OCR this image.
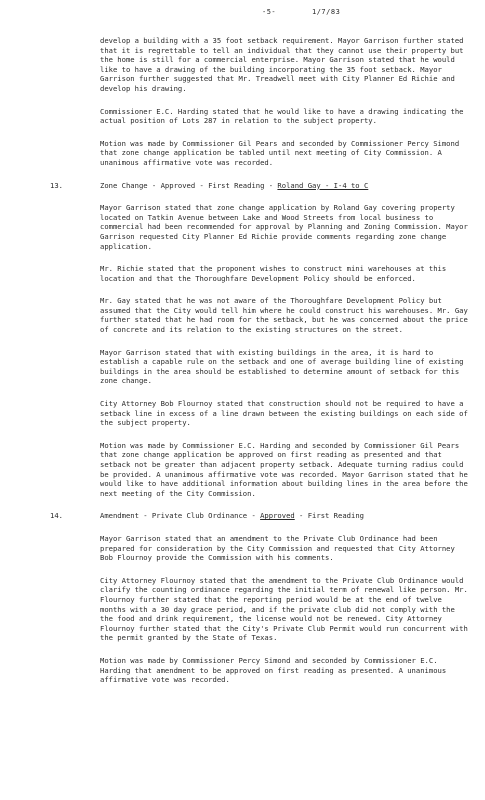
-5-	1/7/83

develop a building with a 35 foot setback requirement. Mayor Garrison further stated that it is regrettable to tell an individual that they cannot use their property but the home is still for a commercial enterprise. Mayor Garrison stated that he would like to have a drawing of the building incorporating the 35 foot setback. Mayor Garrison further suggested that Mr. Treadwell meet with City Planner Ed Richie and develop his drawing.

Commissioner E.C. Harding stated that he would like to have a drawing indicating the actual position of Lots 287 in relation to the subject property.

Motion was made by Commissioner Gil Pears and seconded by Commissioner Percy Simond that zone change application be tabled until next meeting of City Commission. A unanimous affirmative vote was recorded.

13.	Zone Change - Approved - First Reading - Roland Gay - I-4 to C

Mayor Garrison stated that zone change application by Roland Gay covering property located on Tatkin Avenue between Lake and Wood Streets from local business to commercial had been recommended for approval by Planning and Zoning Commission. Mayor Garrison requested City Planner Ed Richie provide comments regarding zone change application.

Mr. Richie stated that the proponent wishes to construct mini warehouses at this location and that the Thoroughfare Development Policy should be enforced.

Mr. Gay stated that he was not aware of the Thoroughfare Development Policy but assumed that the City would tell him where he could construct his warehouses. Mr. Gay further stated that he had room for the setback, but he was concerned about the price of concrete and its relation to the existing structures on the street.

Mayor Garrison stated that with existing buildings in the area, it is hard to establish a capable rule on the setback and one of average building line of existing buildings in the area should be established to determine amount of setback for this zone change.

City Attorney Bob Flournoy stated that construction should not be required to have a setback line in excess of a line drawn between the existing buildings on each side of the subject property.

Motion was made by Commissioner E.C. Harding and seconded by Commissioner Gil Pears that zone change application be approved on first reading as presented and that setback not be greater than adjacent property setback. Adequate turning radius could be provided. A unanimous affirmative vote was recorded. Mayor Garrison stated that he would like to have additional information about building lines in the area before the next meeting of the City Commission.

14.	Amendment - Private Club Ordinance - Approved - First Reading

Mayor Garrison stated that an amendment to the Private Club Ordinance had been prepared for consideration by the City Commission and requested that City Attorney Bob Flournoy provide the Commission with his comments.

City Attorney Flournoy stated that the amendment to the Private Club Ordinance would clarify the counting ordinance regarding the initial term of renewal like person. Mr. Flournoy further stated that the reporting period would be at the end of twelve months with a 30 day grace period, and if the private club did not comply with the the food and drink requirement, the license would not be renewed. City Attorney Flournoy further stated that the City's Private Club Permit would run concurrent with the permit granted by the State of Texas.

Motion was made by Commissioner Percy Simond and seconded by Commissioner E.C. Harding that amendment to be approved on first reading as presented. A unanimous affirmative vote was recorded.
